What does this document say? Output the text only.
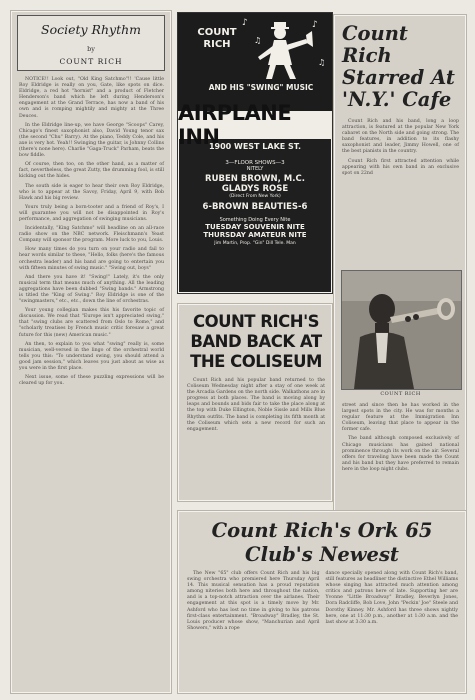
Society Rhythm
by
COUNT RICH

NOTICE!! Look out, "Old King Satchmo"!! 'Cause little Roy Eldridge is really on you, Gate, like spots on dice. Eldridge, a red hot "hornist" and a product of Fletcher Henderson's band which he left during Henderson's engagement at the Grand Terrace, has now a band of his own and is romping mightily and mighty at the Three Deuces.

In the Eldridge line-up, we have George "Scoops" Carey, Chicago's finest saxophonist also, David Young tenor sax (the second "Chu" Barry). At the piano, Teddy Cole, and his axe is very hot. Yeah!! Swinging the guitar, is Johnny Collins (there's none here). Charlie "Gaga-Truck" Parham, beats the bow fiddle.

Of course, then too, on the other hand, as a matter of fact, nevertheless, the great Zutty, the drumming fool, is still kicking out the hides.

The south side is eager to hear their own Roy Eldridge, who is to appear at the Savoy, Friday, April 9, with Bob Hawk and his big review.

Yours truly being a born-tooter and a friend of Roy's, I will guarantee you will not be disappointed in Roy's performance, and aggregation of swinging musicians.

Incidentally, "King Satchmo" will headline on an all-race radio show on the NBC network. Fleischmann's Yeast Company will sponsor the program. More luck to you, Louis.

How many times do you turn on your radio and fail to hear words similar to these, "Hello, folks (here's the famous orchestra leader) and his band are going to entertain you with fifteen minutes of swing music." "Swing out, boys"

And there you have it! "Swing!" Lately, it's the only musical term that means much of anything. All the leading aggregations have been dubbed "Swing bands." Armstrong is titled the "King of Swing." Roy Eldridge is one of the "swingmasters," etc., etc., down the line of orchestras.

Your young collegian makes this his favorite topic of discussion. We read that "Europe isn't appreciated swing," that "swing clubs are scattered from Oslo to Rome," and "scholarly treatises by French music critic foresaw a great future for this (new) American music."

An then, to explain to you what "swing" really is, some musician, well-versed in the lingo of the orchestral world tells you this: "To understand swing, you should attend a good jam session," which leaves you just about as wise as you were in the first place.

Next issue, some of these puzzling expressions will be cleared up for you.

COUNT RICH
♪
♫
♪
♫
AND HIS "SWING" MUSIC
AIRPLANE INN
1900 WEST LAKE ST.
3—FLOOR SHOWS—3
NITELY
RUBEN BROWN, M.C.
GLADYS ROSE
(Direct From New York)
6-BROWN BEAUTIES-6
Something Doing Every Nite
TUESDAY SOUVENIR NITE
THURSDAY AMATEUR NITE
Jim Martin, Prop. "Gin" Dill Tele. Man
Count Rich Starred At 'N.Y.' Cafe

Count Rich and his band, long a loop attraction, is featured at the popular New York cabaret on the North side and going strong. The band features, in addition to its flashy saxophonist and leader, Jimmy Howell, one of the best pianists in the country.

Count Rich first attracted attention while appearing with his own band in an exclusive spot on 22nd

COUNT RICH

street and since then he has worked in the largest spots in the city. He was for months a regular feature at the Immigration Inn Coliseum, leaving that place to appear in the former cafe.

The band although composed exclusively of Chicago musicians has gained national prominence through its work on the air. Several offers for traveling have been made the Count and his band but they have preferred to remain here in the loop night clubs.

COUNT RICH'S BAND BACK AT THE COLISEUM

Count Rich and his popular band returned to the Coliseum Wednesday night after a stay of one week at the Arcadia Gardens on the north side. Walkathons are in progress at both places. The band is moving along by leaps and bounds and bids fair to take the place along at the top with Duke Ellington, Noble Sissle and Mills Blue Rhythm outfits. The band is completing its fifth month at the Coliseum which sets a new record for such an engagement.

Count Rich's Ork 65 Club's Newest

The New "65" club offers Count Rich and his big swing orchestra who premiered here Thursday April 14. This musical sensation has a proud reputation among niteries both here and throughout the nation, and is a top-notch attraction over the airlanes. Their engagement at this spot is a timely move by Mr. Ashford who has lost no time in giving to his patrons first-class entertainment. "Broadway" Bradley, the St. Louis producer whose show, "Manchurian and April Showers," with a rope

dance specially opened along with Count Rich's band, still features as headliner the distinctive Ethel Williams whose singing has attracted much attention among critics and patrons here of late. Supporting her are Yvonne "Little Broadway" Bradley, Beverlyn Jones, Dora Radcliffe, Bob Love, John "Peckin' Joe" Steele and Dorothy Kinney. Mr. Ashford has three shows nightly here, one at 11:30 p.m., another at 1:30 a.m. and the last show at 3:30 a.m.
